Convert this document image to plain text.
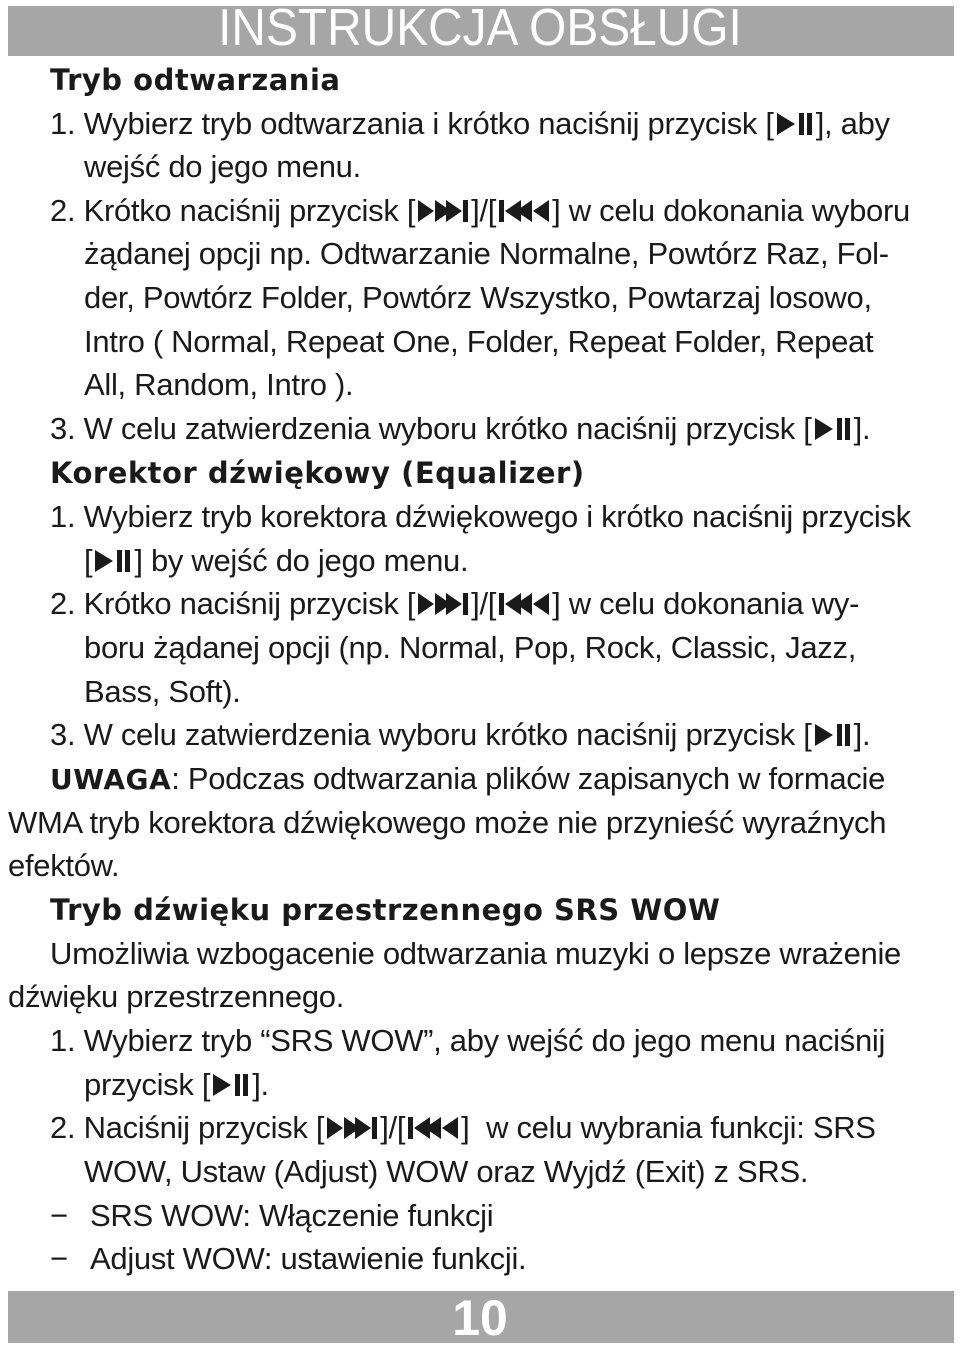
INSTRUKCJA OBSŁUGI
Tryb odtwarzania
1. Wybierz tryb odtwarzania i krótko naciśnij przycisk [ ], aby
wejść do jego menu.
2. Krótko naciśnij przycisk [ ]/[ ] w celu dokonania wyboru
żądanej opcji np. Odtwarzanie Normalne, Powtórz Raz, Fol-
der, Powtórz Folder, Powtórz Wszystko, Powtarzaj losowo,
Intro ( Normal, Repeat One, Folder, Repeat Folder, Repeat
All, Random, Intro ).
3. W celu zatwierdzenia wyboru krótko naciśnij przycisk [ ].
Korektor dźwiękowy (Equalizer)
1. Wybierz tryb korektora dźwiękowego i krótko naciśnij przycisk
[ ] by wejść do jego menu.
2. Krótko naciśnij przycisk [ ]/[ ] w celu dokonania wy-
boru żądanej opcji (np. Normal, Pop, Rock, Classic, Jazz,
Bass, Soft).
3. W celu zatwierdzenia wyboru krótko naciśnij przycisk [ ].
UWAGA: Podczas odtwarzania plików zapisanych w formacie
WMA tryb korektora dźwiękowego może nie przynieść wyraźnych
efektów.
Tryb dźwięku przestrzennego SRS WOW
Umożliwia wzbogacenie odtwarzania muzyki o lepsze wrażenie
dźwięku przestrzennego.
1. Wybierz tryb “SRS WOW”, aby wejść do jego menu naciśnij
przycisk [ ].
2. Naciśnij przycisk [ ]/[ ]  w celu wybrania funkcji: SRS
WOW, Ustaw (Adjust) WOW oraz Wyjdź (Exit) z SRS.
− SRS WOW: Włączenie funkcji
− Adjust WOW: ustawienie funkcji.
10
